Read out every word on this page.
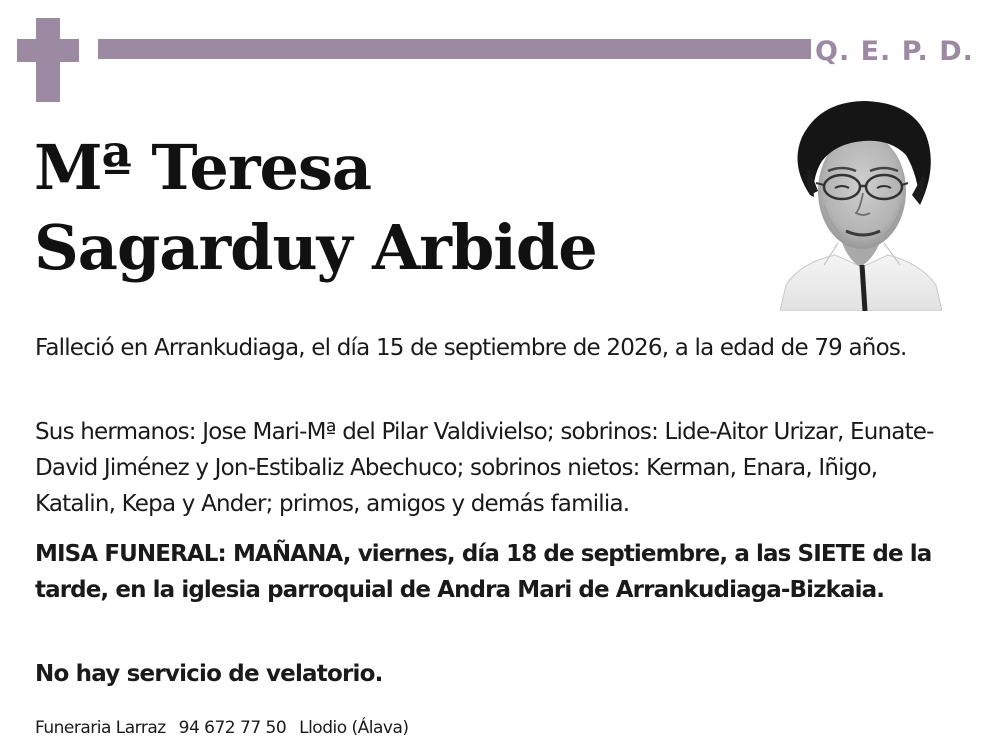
Q. E. P. D.
Mª Teresa
Sagarduy Arbide
Falleció en Arrankudiaga, el día 15 de septiembre de 2026, a la edad de 79 años.
Sus hermanos: Jose Mari-Mª del Pilar Valdivielso; sobrinos: Lide-Aitor Urizar, Eunate-David Jiménez y Jon-Estibaliz Abechuco; sobrinos nietos: Kerman, Enara, Iñigo, Katalin, Kepa y Ander; primos, amigos y demás familia.
MISA FUNERAL: MAÑANA, viernes, día 18 de septiembre, a las SIETE de la tarde, en la iglesia parroquial de Andra Mari de Arrankudiaga-Bizkaia.
No hay servicio de velatorio.
Funeraria Larraz 94 672 77 50 Llodio (Álava)
